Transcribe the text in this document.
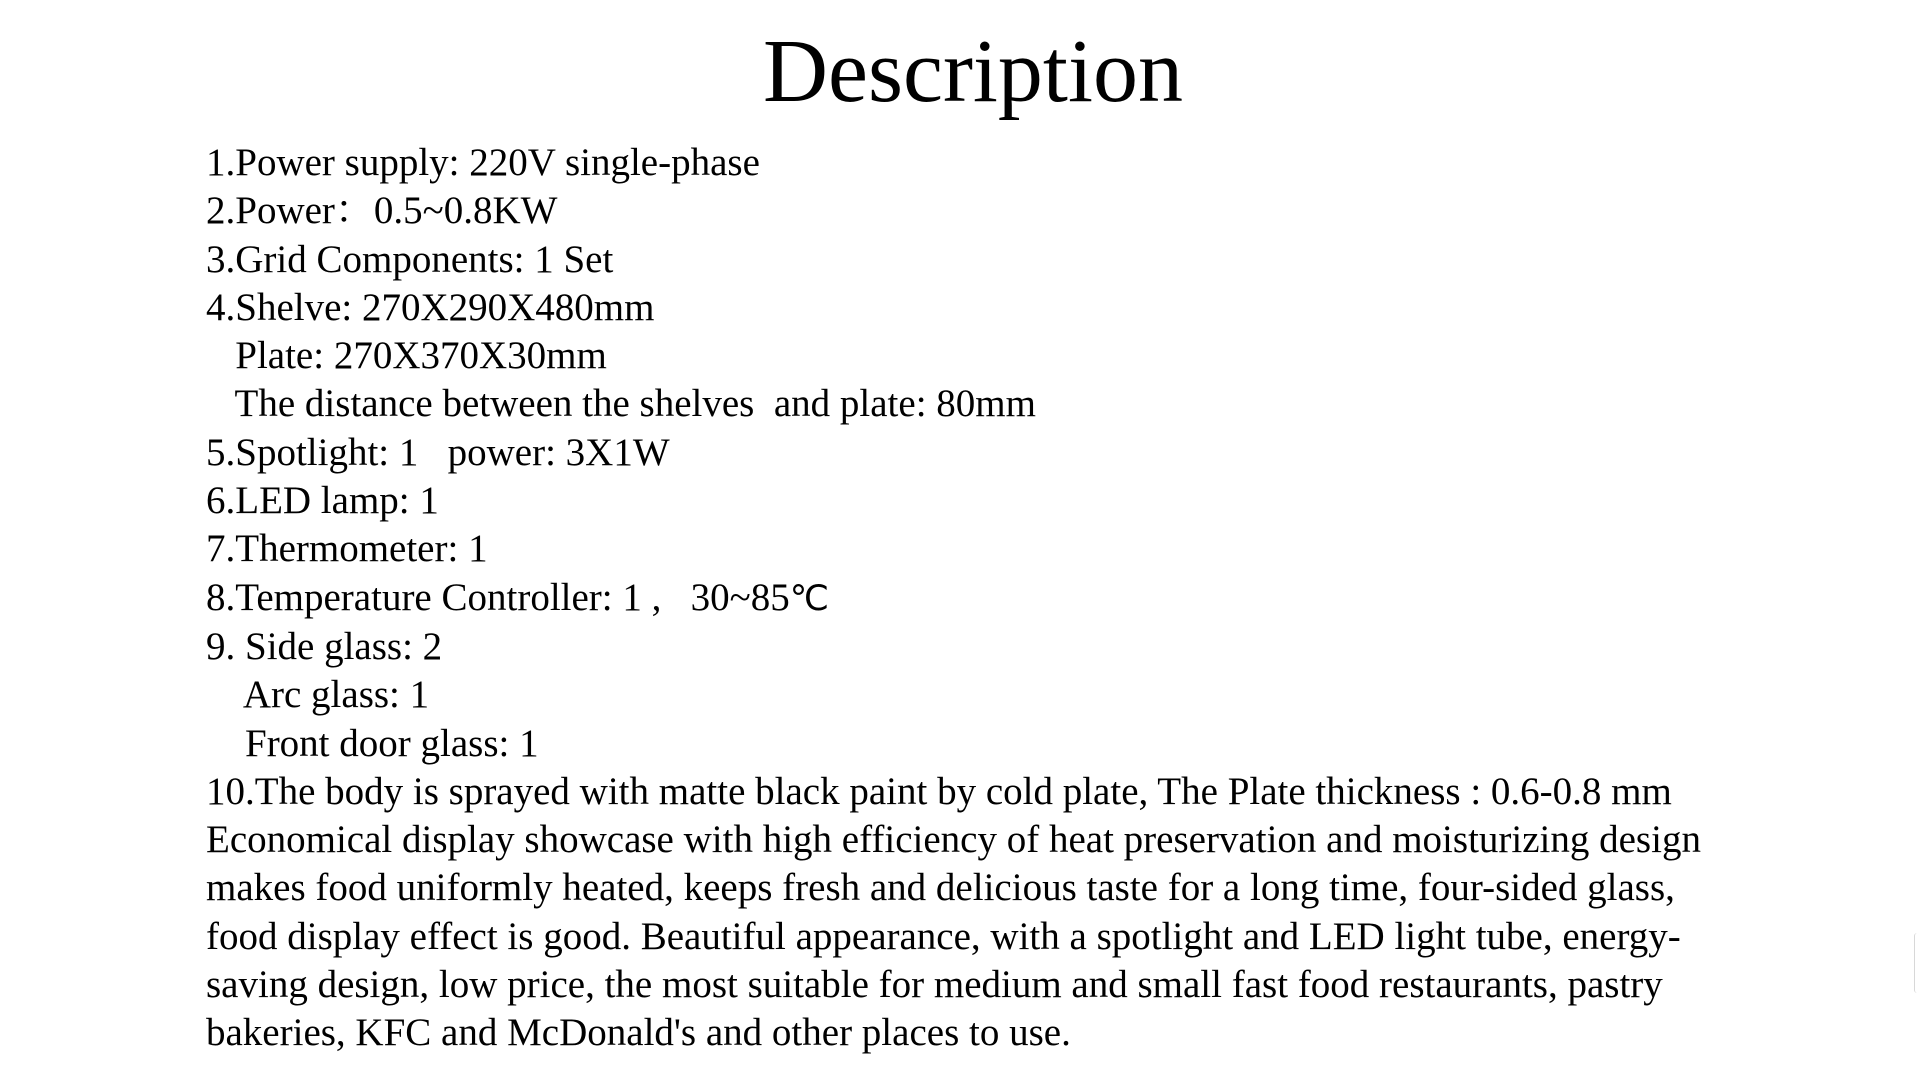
Description
1.Power supply: 220V single-phase
2.Power：0.5~0.8KW
3.Grid Components: 1 Set
4.Shelve: 270X290X480mm
Plate: 270X370X30mm
The distance between the shelves  and plate: 80mm
5.Spotlight: 1   power: 3X1W
6.LED lamp: 1
7.Thermometer: 1
8.Temperature Controller: 1 ,   30~85℃
9. Side glass: 2
Arc glass: 1
Front door glass: 1
10.The body is sprayed with matte black paint by cold plate, The Plate thickness : 0.6-0.8 mm

Economical display showcase with high efficiency of heat preservation and moisturizing design makes food uniformly heated, keeps fresh and delicious taste for a long time, four-sided glass, food display effect is good. Beautiful appearance, with a spotlight and LED light tube, energy-saving design, low price, the most suitable for medium and small fast food restaurants, pastry bakeries, KFC and McDonald's and other places to use.
